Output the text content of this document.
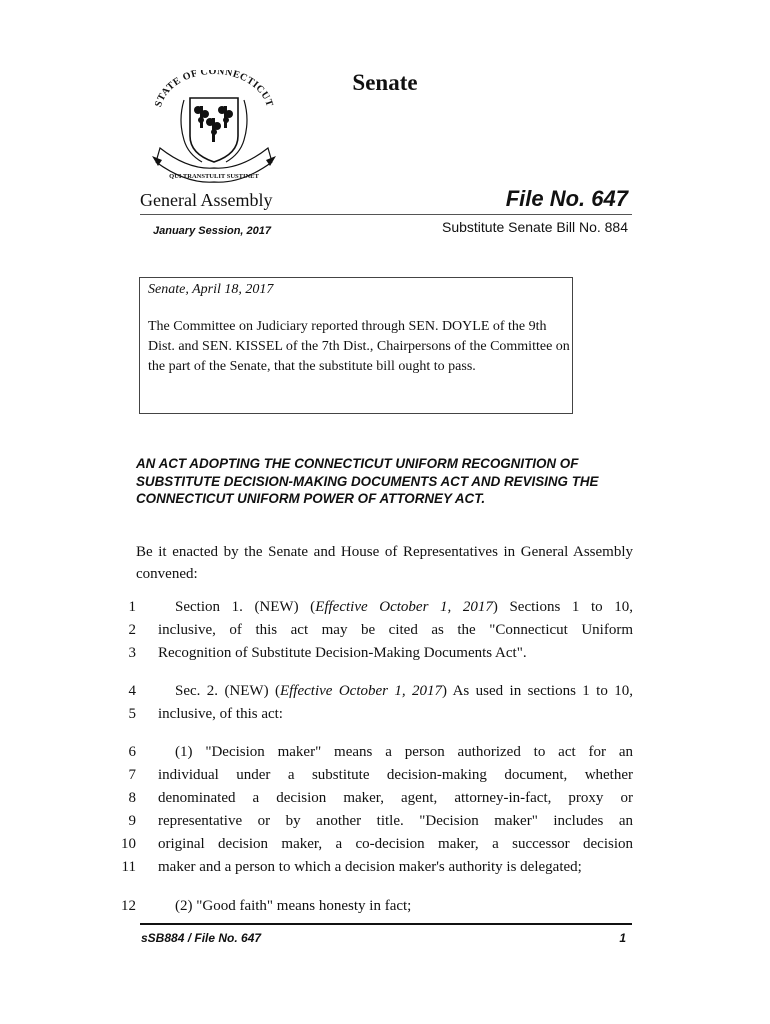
STATE OF CONNECTICUT
QUI TRANSTULIT SUSTINET
Senate
General Assembly	File No. 647
January Session, 2017	Substitute Senate Bill No. 884
Senate, April 18, 2017
The Committee on Judiciary reported through SEN. DOYLE of the 9th Dist. and SEN. KISSEL of the 7th Dist., Chairpersons of the Committee on the part of the Senate, that the substitute bill ought to pass.
AN ACT ADOPTING THE CONNECTICUT UNIFORM RECOGNITION OF SUBSTITUTE DECISION-MAKING DOCUMENTS ACT AND REVISING THE CONNECTICUT UNIFORM POWER OF ATTORNEY ACT.
Be it enacted by the Senate and House of Representatives in General Assembly convened:
1	Section 1. (NEW) (Effective October 1, 2017) Sections 1 to 10,
2 inclusive, of this act may be cited as the "Connecticut Uniform
3 Recognition of Substitute Decision-Making Documents Act".
4	Sec. 2. (NEW) (Effective October 1, 2017) As used in sections 1 to 10,
5 inclusive, of this act:
6	(1) "Decision maker" means a person authorized to act for an
7 individual under a substitute decision-making document, whether
8 denominated a decision maker, agent, attorney-in-fact, proxy or
9 representative or by another title. "Decision maker" includes an
10 original decision maker, a co-decision maker, a successor decision
11 maker and a person to which a decision maker's authority is delegated;
12	(2) "Good faith" means honesty in fact;
sSB884 / File No. 647	1
